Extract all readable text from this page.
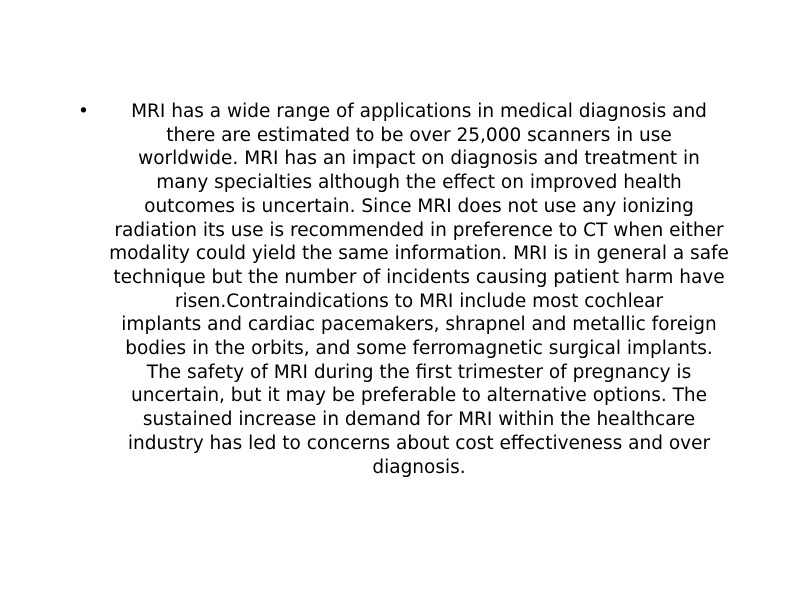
•	MRI has a wide range of applications in medical diagnosis and
there are estimated to be over 25,000 scanners in use
worldwide. MRI has an impact on diagnosis and treatment in
many specialties although the effect on improved health
outcomes is uncertain. Since MRI does not use any ionizing
radiation its use is recommended in preference to CT when either
modality could yield the same information. MRI is in general a safe
technique but the number of incidents causing patient harm have
risen.Contraindications to MRI include most cochlear
implants and cardiac pacemakers, shrapnel and metallic foreign
bodies in the orbits, and some ferromagnetic surgical implants.
The safety of MRI during the first trimester of pregnancy is
uncertain, but it may be preferable to alternative options. The
sustained increase in demand for MRI within the healthcare
industry has led to concerns about cost effectiveness and over
diagnosis.
